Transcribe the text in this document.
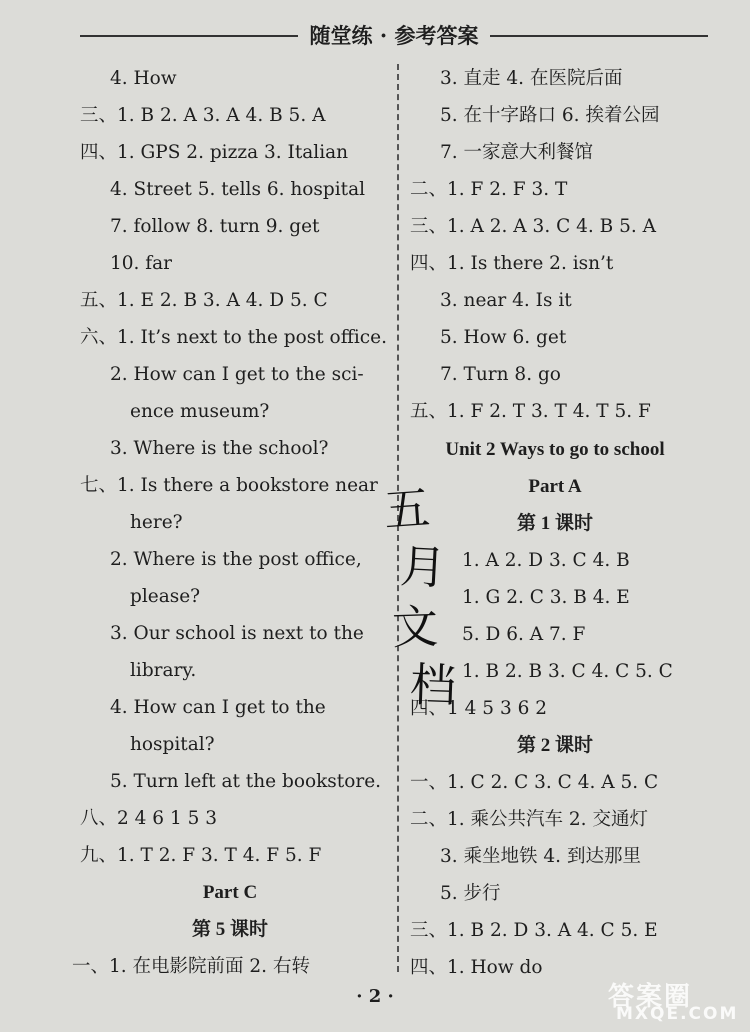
随堂练 · 参考答案
4. How
三、1. B 2. A 3. A 4. B 5. A
四、1. GPS 2. pizza 3. Italian
4. Street 5. tells 6. hospital
7. follow 8. turn 9. get
10. far
五、1. E 2. B 3. A 4. D 5. C
六、1. It’s next to the post office.
2. How can I get to the sci-
ence museum?
3. Where is the school?
七、1. Is there a bookstore near
here?
2. Where is the post office,
please?
3. Our school is next to the
library.
4. How can I get to the
hospital?
5. Turn left at the bookstore.
八、2 4 6 1 5 3
九、1. T 2. F 3. T 4. F 5. F
Part C
第 5 课时
一、1. 在电影院前面 2. 右转
3. 直走 4. 在医院后面
5. 在十字路口 6. 挨着公园
7. 一家意大利餐馆
二、1. F 2. F 3. T
三、1. A 2. A 3. C 4. B 5. A
四、1. Is there 2. isn’t
3. near 4. Is it
5. How 6. get
7. Turn 8. go
五、1. F 2. T 3. T 4. T 5. F
Unit 2 Ways to go to school
Part A
第 1 课时
1. A 2. D 3. C 4. B
1. G 2. C 3. B 4. E
5. D 6. A 7. F
1. B 2. B 3. C 4. C 5. C
四、1 4 5 3 6 2
第 2 课时
一、1. C 2. C 3. C 4. A 5. C
二、1. 乘公共汽车 2. 交通灯
3. 乘坐地铁 4. 到达那里
5. 步行
三、1. B 2. D 3. A 4. C 5. E
四、1. How do
五
月
文
档
· 2 ·	答案圈
MXQE.COM
